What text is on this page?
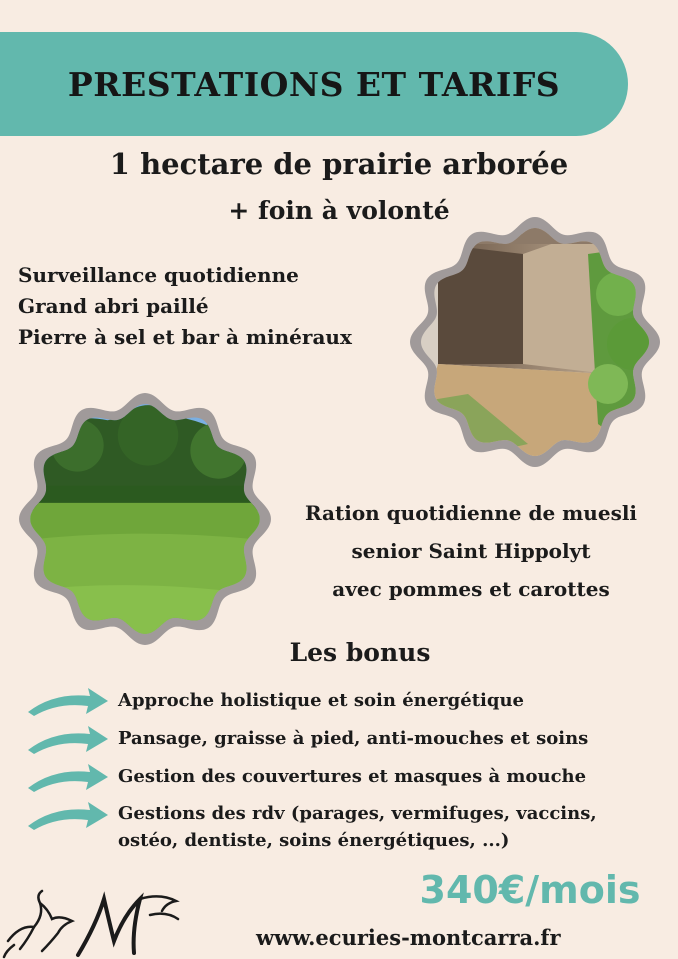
PRESTATIONS ET TARIFS
1 hectare de prairie arborée
+ foin à volonté
Surveillance quotidienne
Grand abri paillé
Pierre à sel et bar à minéraux
Ration quotidienne de muesli
senior Saint Hippolyt
avec pommes et carottes
Les bonus
Approche holistique et soin énergétique
Pansage, graisse à pied, anti-mouches et soins
Gestion des couvertures et masques à mouche
Gestions des rdv (parages, vermifuges, vaccins,
ostéo, dentiste, soins énergétiques, ...)
340€/mois
www.ecuries-montcarra.fr
